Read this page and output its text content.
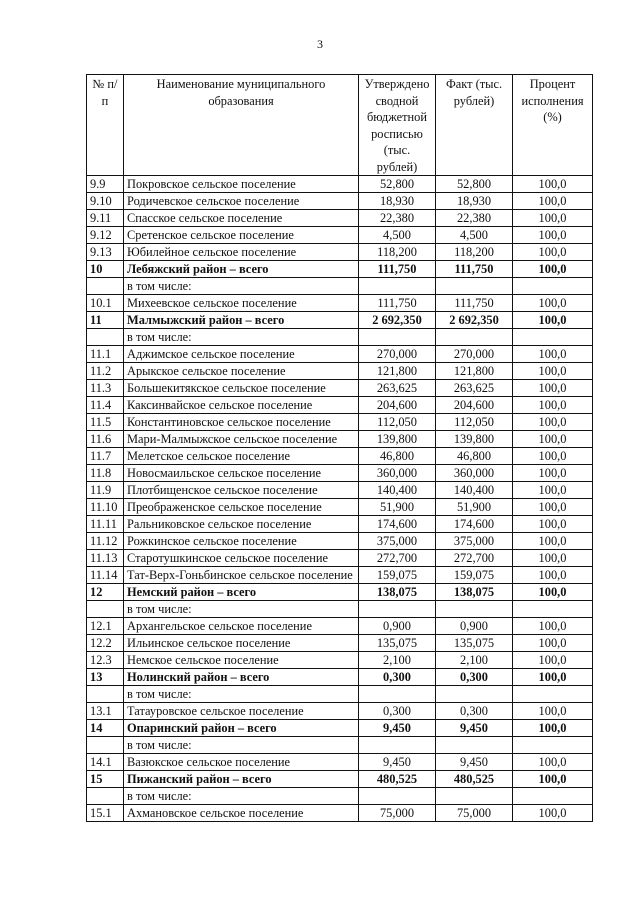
3
№ п/п	Наименование муниципального образования	Утверждено сводной бюджетной росписью (тыс. рублей)	Факт (тыс. рублей)	Процент исполнения (%)
9.9	Покровское сельское поселение	52,800	52,800	100,0
9.10	Родичевское сельское поселение	18,930	18,930	100,0
9.11	Спасское сельское поселение	22,380	22,380	100,0
9.12	Сретенское сельское поселение	4,500	4,500	100,0
9.13	Юбилейное сельское поселение	118,200	118,200	100,0
10	Лебяжский район – всего	111,750	111,750	100,0
	в том числе:			
10.1	Михеевское сельское поселение	111,750	111,750	100,0
11	Малмыжский район – всего	2 692,350	2 692,350	100,0
	в том числе:			
11.1	Аджимское сельское поселение	270,000	270,000	100,0
11.2	Арыкское сельское поселение	121,800	121,800	100,0
11.3	Большекитякское сельское поселение	263,625	263,625	100,0
11.4	Каксинвайское сельское поселение	204,600	204,600	100,0
11.5	Константиновское сельское поселение	112,050	112,050	100,0
11.6	Мари-Малмыжское сельское поселение	139,800	139,800	100,0
11.7	Мелетское сельское поселение	46,800	46,800	100,0
11.8	Новосмаильское сельское поселение	360,000	360,000	100,0
11.9	Плотбищенское сельское поселение	140,400	140,400	100,0
11.10	Преображенское сельское поселение	51,900	51,900	100,0
11.11	Ральниковское сельское поселение	174,600	174,600	100,0
11.12	Рожкинское сельское поселение	375,000	375,000	100,0
11.13	Старотушкинское сельское поселение	272,700	272,700	100,0
11.14	Тат-Верх-Гоньбинское сельское поселение	159,075	159,075	100,0
12	Немский район – всего	138,075	138,075	100,0
	в том числе:			
12.1	Архангельское сельское поселение	0,900	0,900	100,0
12.2	Ильинское сельское поселение	135,075	135,075	100,0
12.3	Немское сельское поселение	2,100	2,100	100,0
13	Нолинский район – всего	0,300	0,300	100,0
	в том числе:			
13.1	Татауровское сельское поселение	0,300	0,300	100,0
14	Опаринский район – всего	9,450	9,450	100,0
	в том числе:			
14.1	Вазюкское сельское поселение	9,450	9,450	100,0
15	Пижанский район – всего	480,525	480,525	100,0
	в том числе:			
15.1	Ахмановское сельское поселение	75,000	75,000	100,0
